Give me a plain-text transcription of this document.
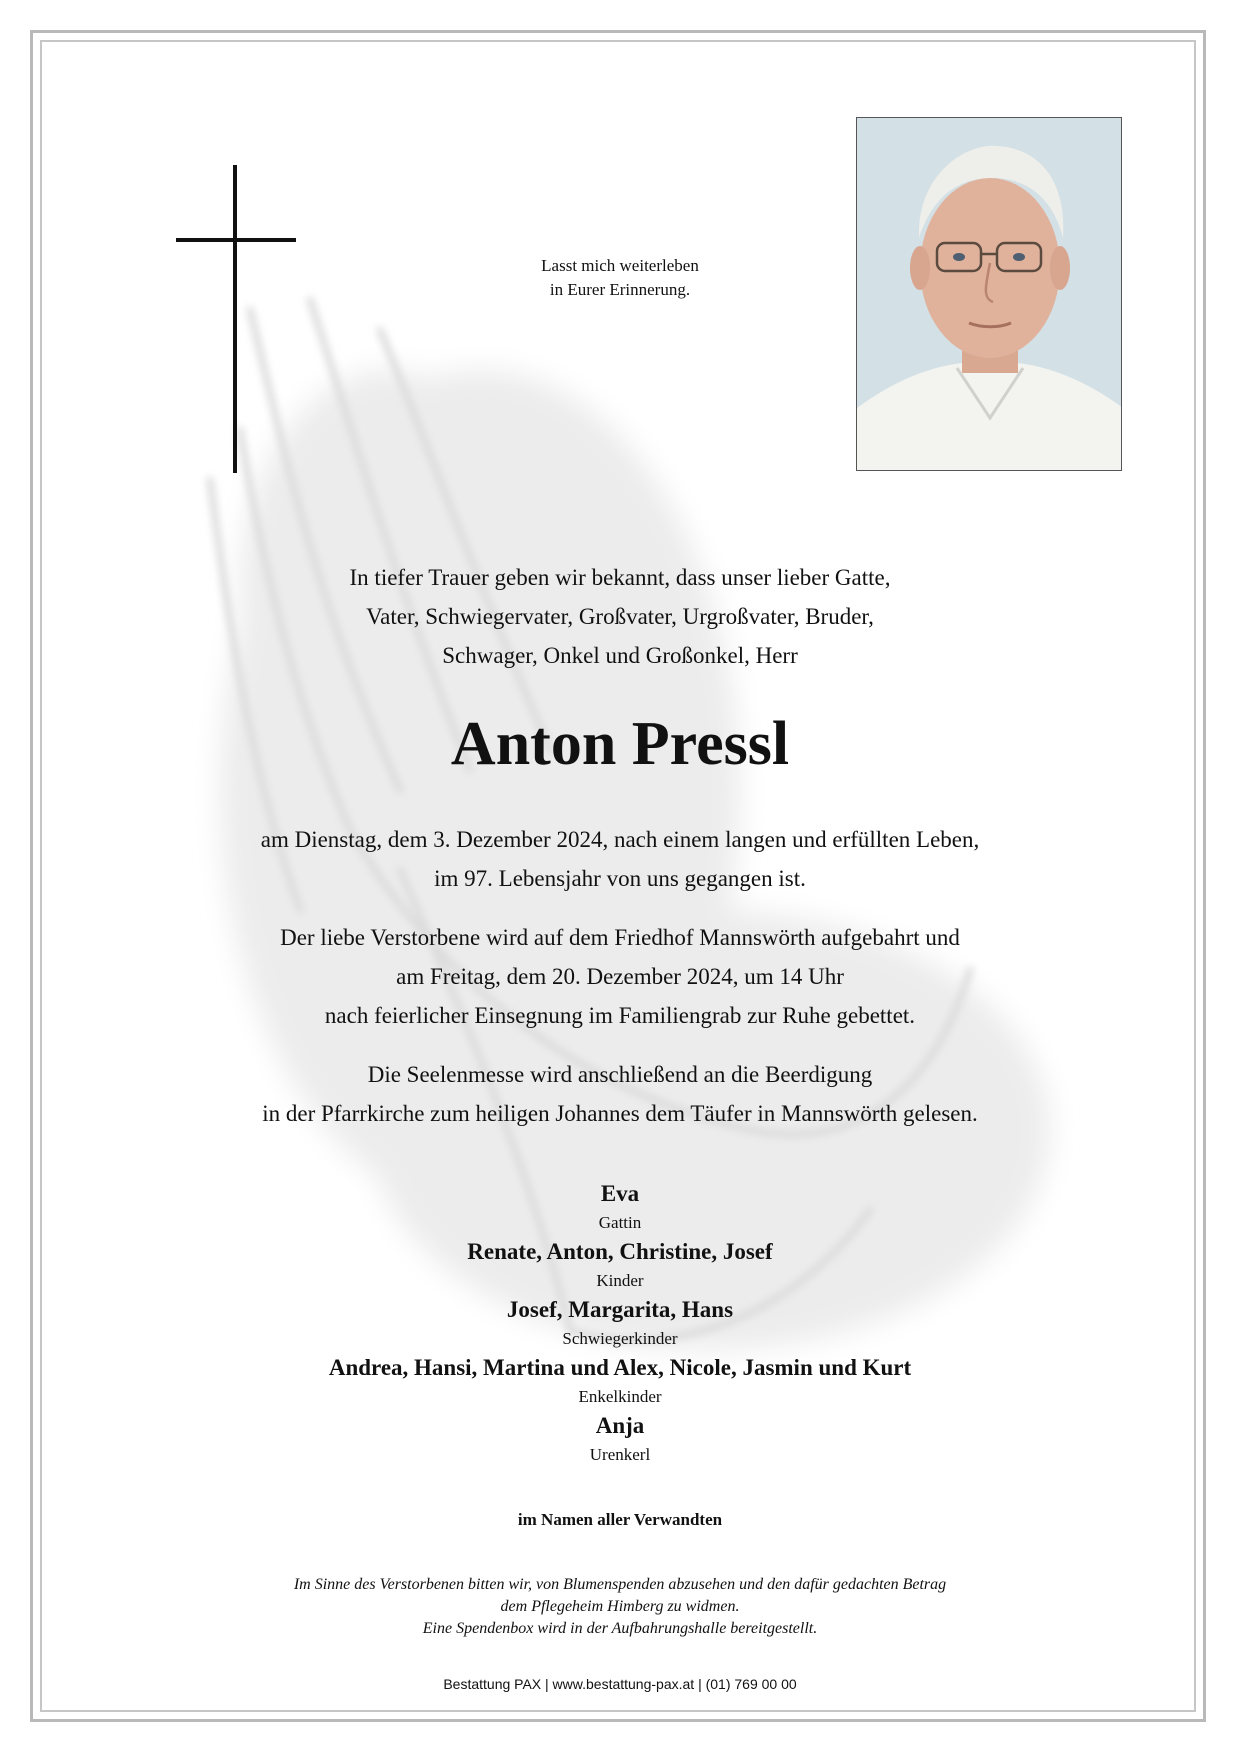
Lasst mich weiterleben
in Eurer Erinnerung.
In tiefer Trauer geben wir bekannt, dass unser lieber Gatte,
Vater, Schwiegervater, Großvater, Urgroßvater, Bruder,
Schwager, Onkel und Großonkel, Herr
Anton Pressl
am Dienstag, dem 3. Dezember 2024, nach einem langen und erfüllten Leben,
im 97. Lebensjahr von uns gegangen ist.
Der liebe Verstorbene wird auf dem Friedhof Mannswörth aufgebahrt und
am Freitag, dem 20. Dezember 2024, um 14 Uhr
nach feierlicher Einsegnung im Familiengrab zur Ruhe gebettet.
Die Seelenmesse wird anschließend an die Beerdigung
in der Pfarrkirche zum heiligen Johannes dem Täufer in Mannswörth gelesen.
Eva
Gattin
Renate, Anton, Christine, Josef
Kinder
Josef, Margarita, Hans
Schwiegerkinder
Andrea, Hansi, Martina und Alex, Nicole, Jasmin und Kurt
Enkelkinder
Anja
Urenkerl
im Namen aller Verwandten
Im Sinne des Verstorbenen bitten wir, von Blumenspenden abzusehen und den dafür gedachten Betrag
dem Pflegeheim Himberg zu widmen.
Eine Spendenbox wird in der Aufbahrungshalle bereitgestellt.
Bestattung PAX | www.bestattung-pax.at | (01) 769 00 00
